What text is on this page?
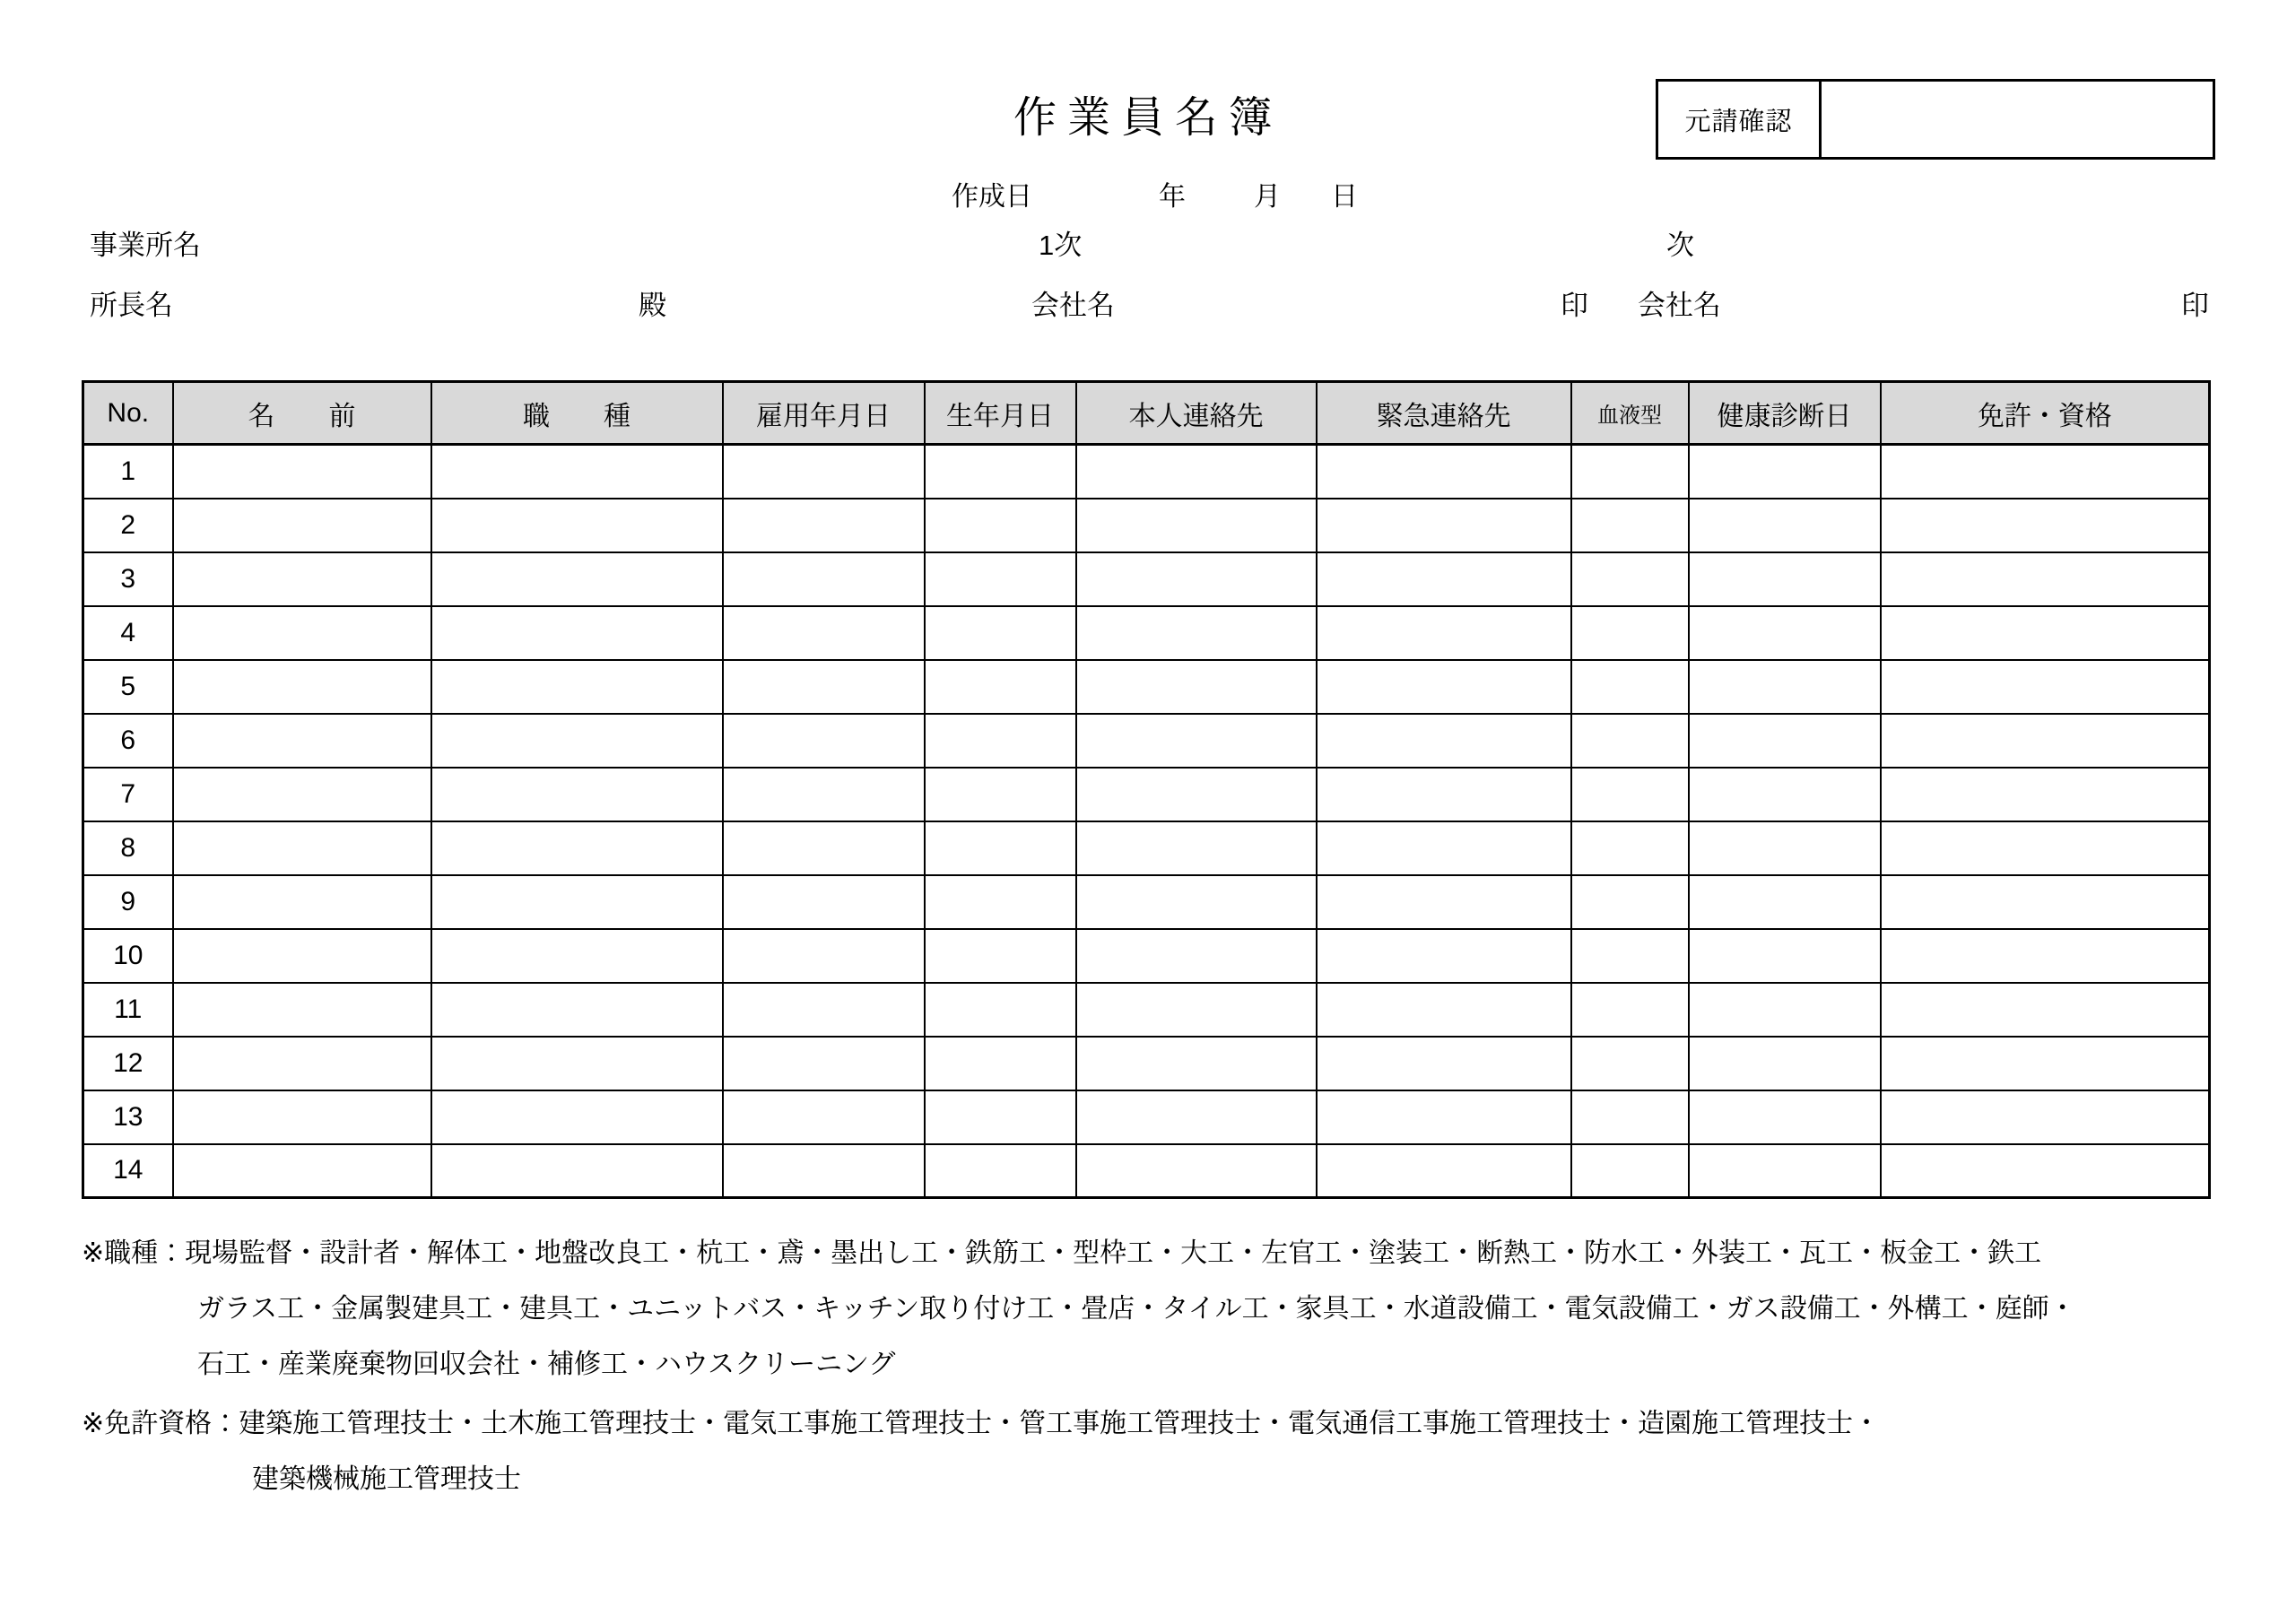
作業員名簿	元請確認
作成日	年	月 日
事業所名	1次	次
所長名	殿	会社名	印 会社名	印
No.	名　　前	職　　種	雇用年月日	生年月日	本人連絡先	緊急連絡先	血液型	健康診断日	免許・資格
1									
2									
3									
4									
5									
6									
7									
8									
9									
10									
11									
12									
13									
14									
※職種：現場監督・設計者・解体工・地盤改良工・杭工・鳶・墨出し工・鉄筋工・型枠工・大工・左官工・塗装工・断熱工・防水工・外装工・瓦工・板金工・鉄工
ガラス工・金属製建具工・建具工・ユニットバス・キッチン取り付け工・畳店・タイル工・家具工・水道設備工・電気設備工・ガス設備工・外構工・庭師・
石工・産業廃棄物回収会社・補修工・ハウスクリーニング
※免許資格：建築施工管理技士・土木施工管理技士・電気工事施工管理技士・管工事施工管理技士・電気通信工事施工管理技士・造園施工管理技士・
建築機械施工管理技士
